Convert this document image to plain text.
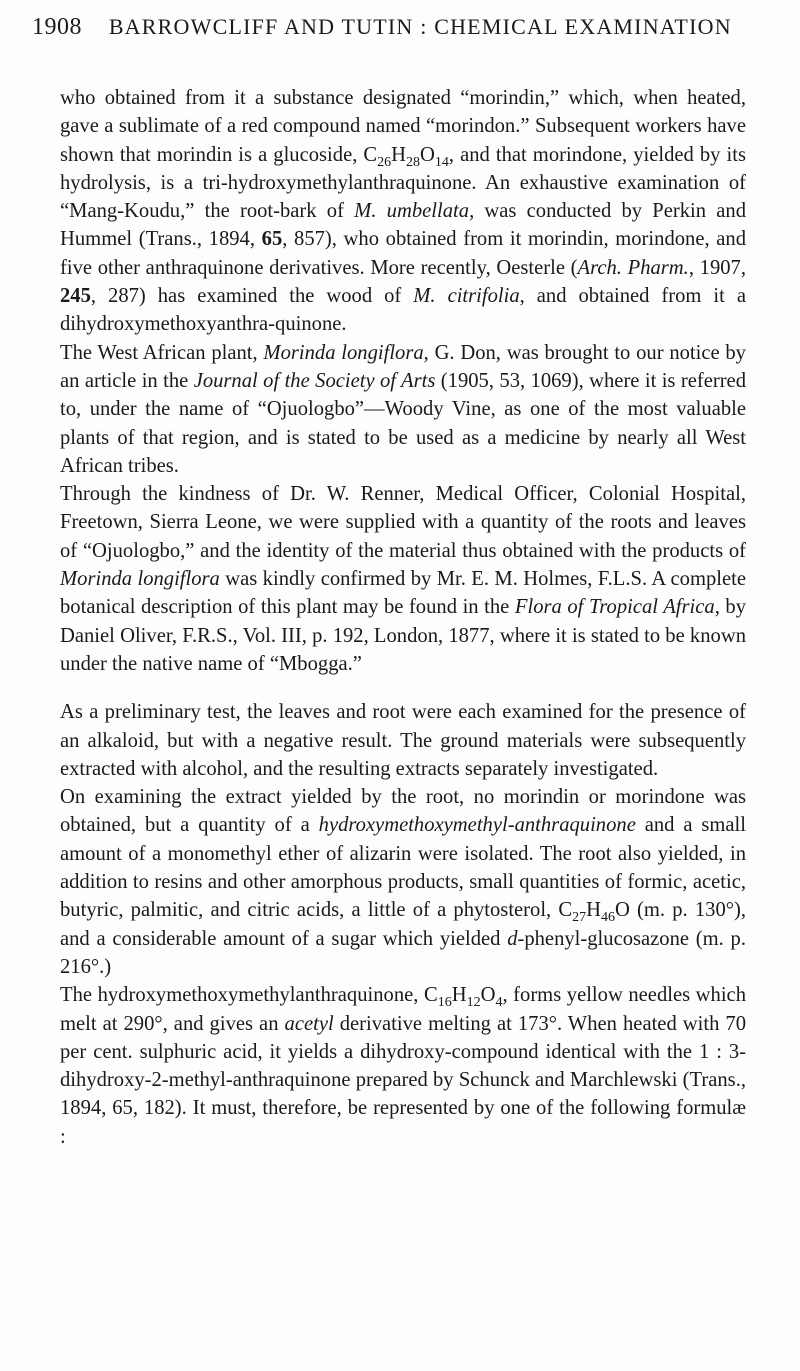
1908 BARROWCLIFF AND TUTIN : CHEMICAL EXAMINATION

who obtained from it a substance designated “morindin,” which, when heated, gave a sublimate of a red compound named “morindon.” Subsequent workers have shown that morindin is a glucoside, $C_{26}H_{28}O_{14}$, and that morindone, yielded by its hydrolysis, is a tri-hydroxymethylanthraquinone. An exhaustive examination of “Mang-Koudu,” the root-bark of M. umbellata, was conducted by Perkin and Hummel (Trans., 1894, 65, 857), who obtained from it morindin, morindone, and five other anthraquinone derivatives. More recently, Oesterle (Arch. Pharm., 1907, 245, 287) has examined the wood of M. citrifolia, and obtained from it a dihydroxymethoxyanthra-quinone.

The West African plant, Morinda longiflora, G. Don, was brought to our notice by an article in the Journal of the Society of Arts (1905, 53, 1069), where it is referred to, under the name of “Ojuologbo”—Woody Vine, as one of the most valuable plants of that region, and is stated to be used as a medicine by nearly all West African tribes.

Through the kindness of Dr. W. Renner, Medical Officer, Colonial Hospital, Freetown, Sierra Leone, we were supplied with a quantity of the roots and leaves of “Ojuologbo,” and the identity of the material thus obtained with the products of Morinda longiflora was kindly confirmed by Mr. E. M. Holmes, F.L.S. A complete botanical description of this plant may be found in the Flora of Tropical Africa, by Daniel Oliver, F.R.S., Vol. III, p. 192, London, 1877, where it is stated to be known under the native name of “Mbogga.”

As a preliminary test, the leaves and root were each examined for the presence of an alkaloid, but with a negative result. The ground materials were subsequently extracted with alcohol, and the resulting extracts separately investigated.

On examining the extract yielded by the root, no morindin or morindone was obtained, but a quantity of a hydroxymethoxymethyl-anthraquinone and a small amount of a monomethyl ether of alizarin were isolated. The root also yielded, in addition to resins and other amorphous products, small quantities of formic, acetic, butyric, palmitic, and citric acids, a little of a phytosterol, $C_{27}H_{46}O$ (m. p. 130°), and a considerable amount of a sugar which yielded d-phenyl-glucosazone (m. p. 216°.)

The hydroxymethoxymethylanthraquinone, $C_{16}H_{12}O_4$, forms yellow needles which melt at 290°, and gives an acetyl derivative melting at 173°. When heated with 70 per cent. sulphuric acid, it yields a dihydroxy-compound identical with the 1 : 3-dihydroxy-2-methyl-anthraquinone prepared by Schunck and Marchlewski (Trans., 1894, 65, 182). It must, therefore, be represented by one of the following formulæ :
